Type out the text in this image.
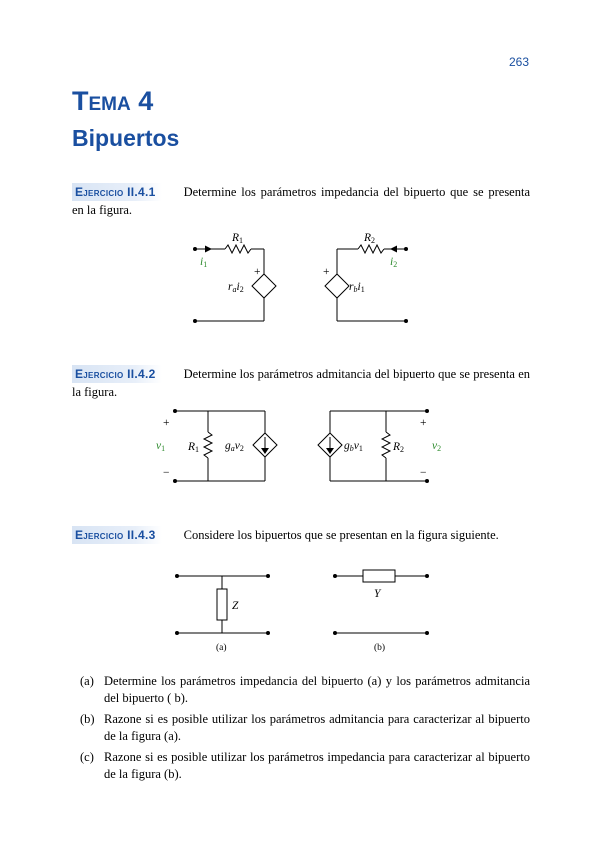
263
Tema 4
Bipuertos
Ejercicio II.4.1 Determine los parámetros impedancia del bipuerto que se presenta en la figura.
R1	R2
i1	i2
+	+
rai2	rbi1
Ejercicio II.4.2 Determine los parámetros admitancia del bipuerto que se presenta en la figura.
+
−
+
−
v1	v2
R1	R2
gav2	gbv1
Ejercicio II.4.3 Considere los bipuertos que se presentan en la figura siguiente.
Z
Y
(a)	(b)
(a) Determine los parámetros impedancia del bipuerto (a) y los parámetros admitancia del bipuerto ( b).
(b) Razone si es posible utilizar los parámetros admitancia para caracterizar al bipuerto de la figura (a).
(c) Razone si es posible utilizar los parámetros impedancia para caracterizar al bipuerto de la figura (b).
